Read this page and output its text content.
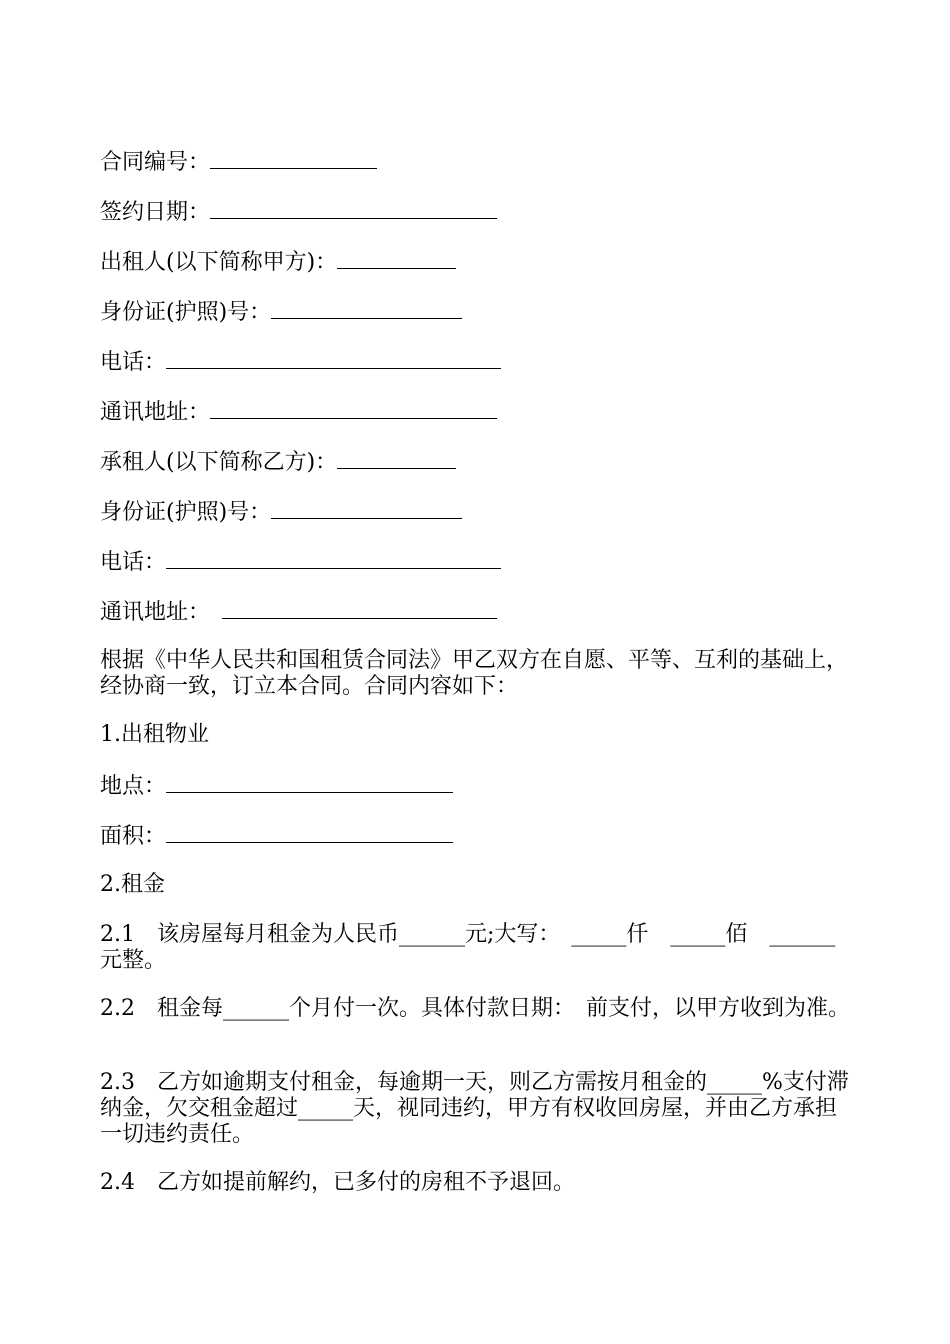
合同编号：
签约日期：
出租人(以下简称甲方)：
身份证(护照)号：
电话：
通讯地址：
承租人(以下简称乙方)：
身份证(护照)号：
电话：
通讯地址：
根据《中华人民共和国租赁合同法》甲乙双方在自愿、平等、互利的基础上，经协商一致，订立本合同。合同内容如下：
1.出租物业
地点：
面积：
2.租金
2.1　该房屋每月租金为人民币______元;大写：　_____仟　_____佰　______元整。
2.2　租金每______个月付一次。具体付款日期：　前支付，以甲方收到为准。
2.3　乙方如逾期支付租金，每逾期一天，则乙方需按月租金的_____%支付滞纳金，欠交租金超过_____天，视同违约，甲方有权收回房屋，并由乙方承担一切违约责任。
2.4　乙方如提前解约，已多付的房租不予退回。
